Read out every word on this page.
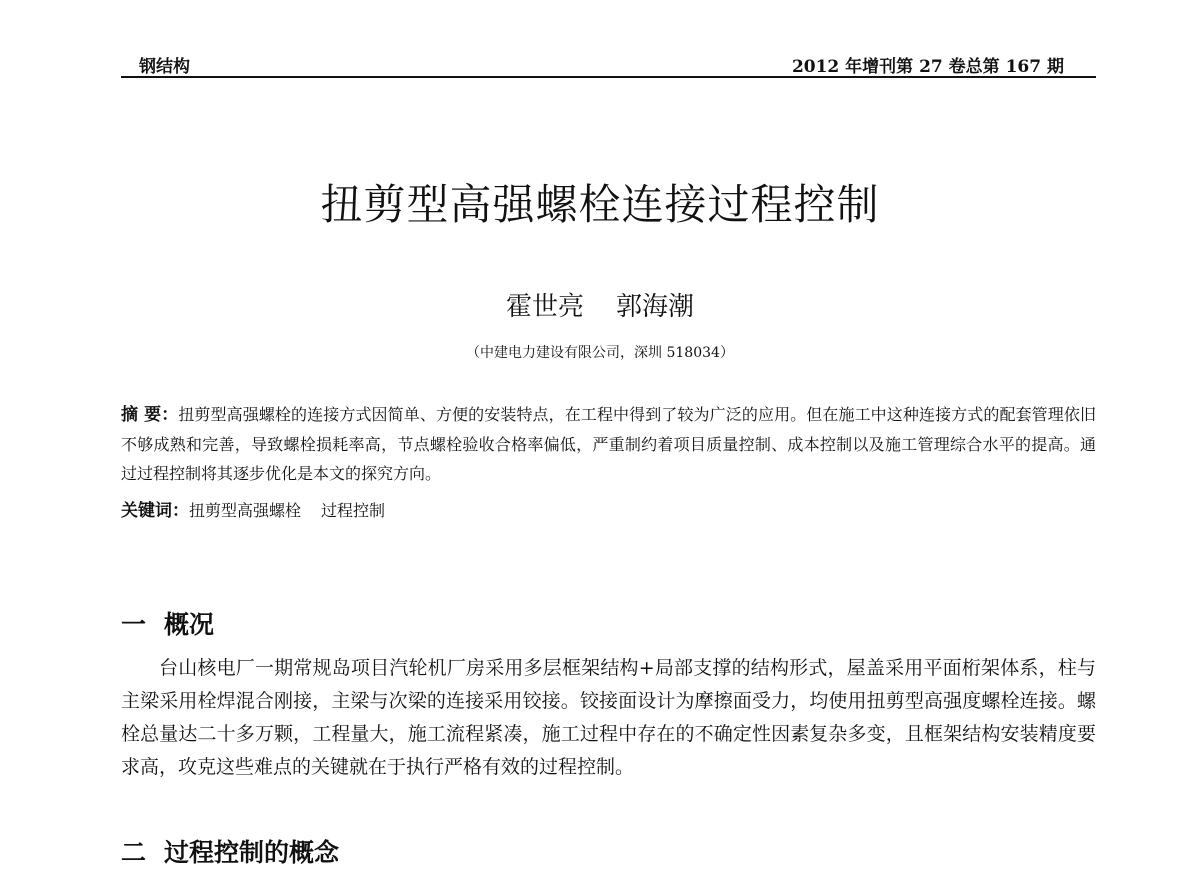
钢结构	2012 年增刊第 27 卷总第 167 期
扭剪型高强螺栓连接过程控制
霍世亮 郭海潮
（中建电力建设有限公司，深圳 518034）
摘 要：扭剪型高强螺栓的连接方式因简单、方便的安装特点，在工程中得到了较为广泛的应用。但在施工中这种连接方式的配套管理依旧不够成熟和完善，导致螺栓损耗率高，节点螺栓验收合格率偏低，严重制约着项目质量控制、成本控制以及施工管理综合水平的提高。通过过程控制将其逐步优化是本文的探究方向。
关键词：扭剪型高强螺栓 过程控制
一 概况
台山核电厂一期常规岛项目汽轮机厂房采用多层框架结构+局部支撑的结构形式，屋盖采用平面桁架体系，柱与主梁采用栓焊混合刚接，主梁与次梁的连接采用铰接。铰接面设计为摩擦面受力，均使用扭剪型高强度螺栓连接。螺栓总量达二十多万颗，工程量大，施工流程紧凑，施工过程中存在的不确定性因素复杂多变，且框架结构安装精度要求高，攻克这些难点的关键就在于执行严格有效的过程控制。
二 过程控制的概念
